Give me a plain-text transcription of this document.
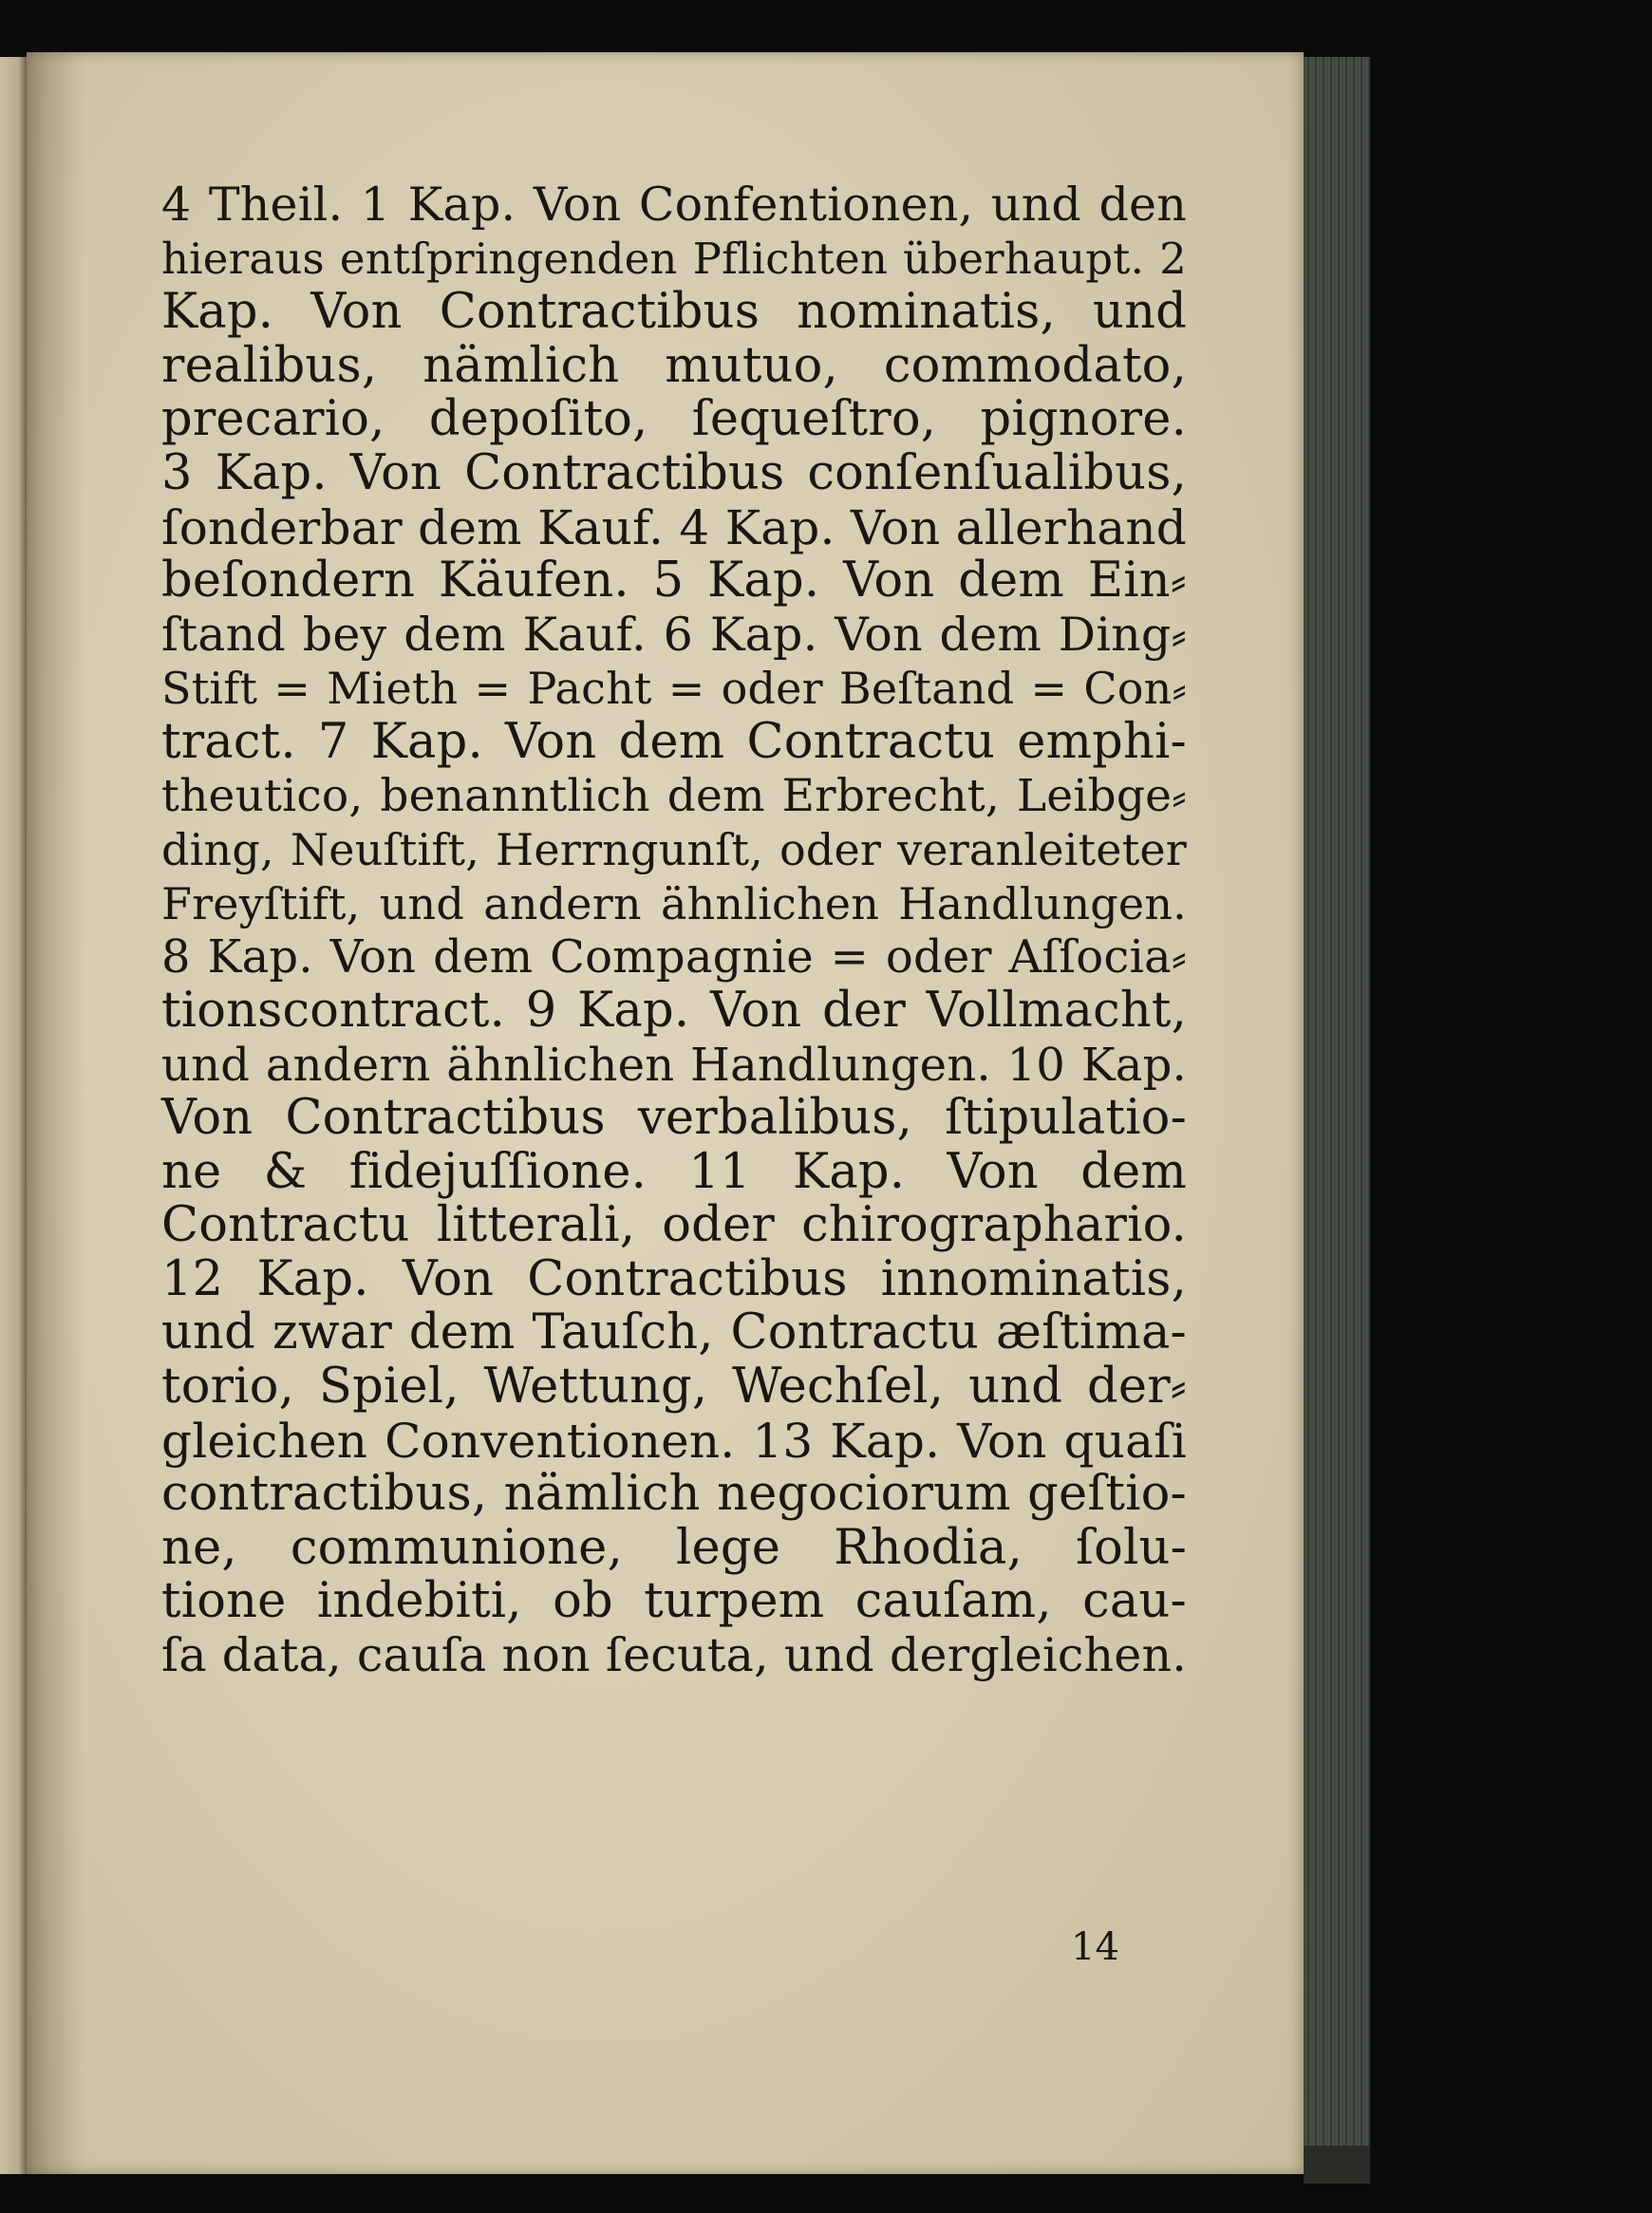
4 Theil. 1 Kap. Von Confentionen, und den
hieraus entſpringenden Pflichten überhaupt. 2
Kap. Von Contractibus nominatis, und
realibus, nämlich mutuo, commodato,
precario, depoſito, ſequeſtro, pignore.
3 Kap. Von Contractibus conſenſualibus,
ſonderbar dem Kauf. 4 Kap. Von allerhand
beſondern Käufen. 5 Kap. Von dem Ein⸗
ſtand bey dem Kauf. 6 Kap. Von dem Ding⸗
Stift = Mieth = Pacht = oder Beſtand = Con⸗
tract. 7 Kap. Von dem Contractu emphi-
theutico, benanntlich dem Erbrecht, Leibge⸗
ding, Neuſtift, Herrngunſt, oder veranleiteter
Freyſtift, und andern ähnlichen Handlungen.
8 Kap. Von dem Compagnie = oder Aſſocia⸗
tionscontract. 9 Kap. Von der Vollmacht,
und andern ähnlichen Handlungen. 10 Kap.
Von Contractibus verbalibus, ſtipulatio-
ne & fidejuſſione. 11 Kap. Von dem
Contractu litterali, oder chirographario.
12 Kap. Von Contractibus innominatis,
und zwar dem Tauſch, Contractu æſtima-
torio, Spiel, Wettung, Wechſel, und der⸗
gleichen Conventionen. 13 Kap. Von quaſi
contractibus, nämlich negociorum geſtio-
ne, communione, lege Rhodia, ſolu-
tione indebiti, ob turpem cauſam, cau-
ſa data, cauſa non ſecuta, und dergleichen.
14
